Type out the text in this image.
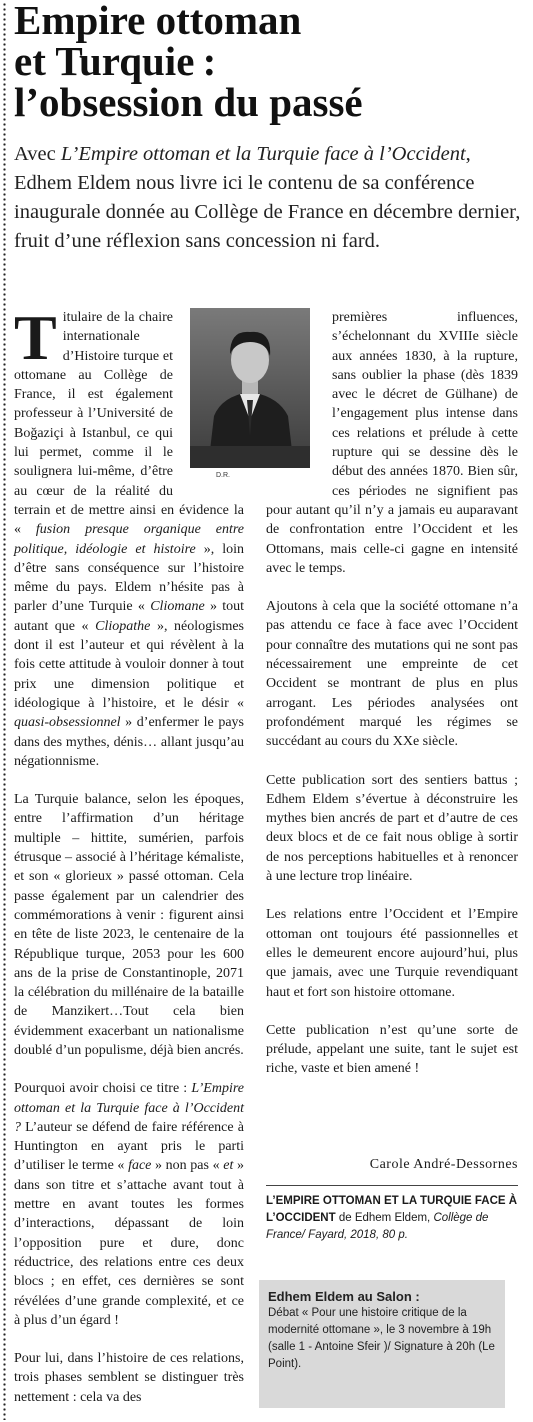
Empire ottoman
et Turquie :
l’obsession du passé

Avec L’Empire ottoman et la Turquie face à l’Occident, Edhem Eldem nous livre ici le contenu de sa conférence inaugurale donnée au Collège de France en décembre dernier, fruit d’une réflexion sans concession ni fard.

D.R.

Titulaire de la chaire internationale d’Histoire turque et ottomane au Collège de France, il est également professeur à l’Université de Boğaziçi à Istanbul, ce qui lui permet, comme il le soulignera lui-même, d’être au cœur de la réalité du terrain et de mettre ainsi en évidence la « fusion presque organique entre politique, idéologie et histoire », loin d’être sans conséquence sur l’histoire même du pays. Eldem n’hésite pas à parler d’une Turquie « Cliomane » tout autant que « Cliopathe », néologismes dont il est l’auteur et qui révèlent à la fois cette attitude à vouloir donner à tout prix une dimension politique et idéologique à l’histoire, et le désir « quasi-obsessionnel » d’enfermer le pays dans des mythes, dénis… allant jusqu’au négationnisme.

La Turquie balance, selon les époques, entre l’affirmation d’un héritage multiple – hittite, sumérien, parfois étrusque – associé à l’héritage kémaliste, et son « glorieux » passé ottoman. Cela passe également par un calendrier des commémorations à venir : figurent ainsi en tête de liste 2023, le centenaire de la République turque, 2053 pour les 600 ans de la prise de Constantinople, 2071 la célébration du millénaire de la bataille de Manzikert…Tout cela bien évidemment exacerbant un nationalisme doublé d’un populisme, déjà bien ancrés.

Pourquoi avoir choisi ce titre : L’Empire ottoman et la Turquie face à l’Occident ? L’auteur se défend de faire référence à Huntington en ayant pris le parti d’utiliser le terme « face » non pas « et » dans son titre et s’attache avant tout à mettre en avant toutes les formes d’interactions, dépassant de loin l’opposition pure et dure, donc réductrice, des relations entre ces deux blocs ; en effet, ces dernières se sont révélées d’une grande complexité, et ce à plus d’un égard !

Pour lui, dans l’histoire de ces relations, trois phases semblent se distinguer très nettement : cela va des

premières influences, s’échelonnant du XVIIIe siècle aux années 1830, à la rupture, sans oublier la phase (dès 1839 avec le décret de Gülhane) de l’engagement plus intense dans ces relations et prélude à cette rupture qui se dessine dès le début des années 1870. Bien sûr, ces périodes ne signifient pas pour autant qu’il n’y a jamais eu auparavant de confrontation entre l’Occident et les Ottomans, mais celle-ci gagne en intensité avec le temps.

Ajoutons à cela que la société ottomane n’a pas attendu ce face à face avec l’Occident pour connaître des mutations qui ne sont pas nécessairement une empreinte de cet Occident se montrant de plus en plus arrogant. Les périodes analysées ont profondément marqué les régimes se succédant au cours du XXe siècle.

Cette publication sort des sentiers battus ; Edhem Eldem s’évertue à déconstruire les mythes bien ancrés de part et d’autre de ces deux blocs et de ce fait nous oblige à sortir de nos perceptions habituelles et à renoncer à une lecture trop linéaire.

Les relations entre l’Occident et l’Empire ottoman ont toujours été passionnelles et elles le demeurent encore aujourd’hui, plus que jamais, avec une Turquie revendiquant haut et fort son histoire ottomane.

Cette publication n’est qu’une sorte de prélude, appelant une suite, tant le sujet est riche, vaste et bien amené !

Carole André-Dessornes
L’EMPIRE OTTOMAN ET LA TURQUIE FACE À L’OCCIDENT de Edhem Eldem, Collège de France/ Fayard, 2018, 80 p.
Edhem Eldem au Salon :
Débat « Pour une histoire critique de la modernité ottomane », le 3 novembre à 19h (salle 1 - Antoine Sfeir )/ Signature à 20h (Le Point).
